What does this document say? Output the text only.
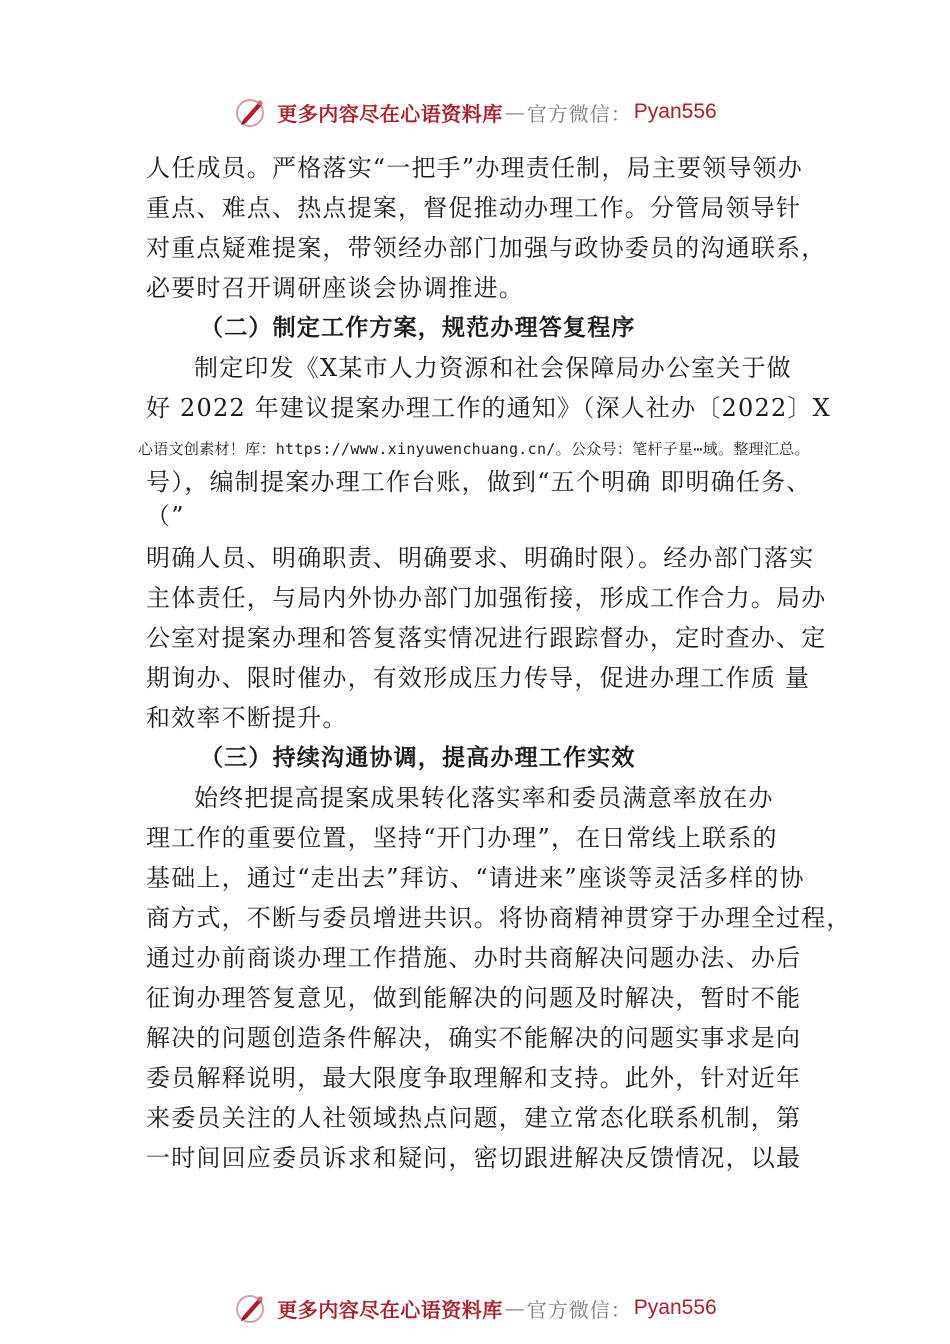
更多内容尽在心语资料库 — 官方微信： Pyan556
人任成员。严格落实“一把手”办理责任制，局主要领导领办
重点、难点、热点提案，督促推动办理工作。分管局领导针
对重点疑难提案，带领经办部门加强与政协委员的沟通联系，
必要时召开调研座谈会协调推进。
（二）制定工作方案，规范办理答复程序
制定印发《X某市人力资源和社会保障局办公室关于做
好 2022 年建议提案办理工作的通知》（深人社办〔2022〕X
号），编制提案办理工作台账，做到“五个明确 即明确任务、
（”
明确人员、明确职责、明确要求、明确时限）。经办部门落实
主体责任，与局内外协办部门加强衔接，形成工作合力。局办
公室对提案办理和答复落实情况进行跟踪督办，定时查办、定
期询办、限时催办，有效形成压力传导，促进办理工作质 量
和效率不断提升。
（三）持续沟通协调，提高办理工作实效
始终把提高提案成果转化落实率和委员满意率放在办
理工作的重要位置，坚持“开门办理”，在日常线上联系的
基础上，通过“走出去”拜访、“请进来”座谈等灵活多样的协
商方式，不断与委员增进共识。将协商精神贯穿于办理全过程，
通过办前商谈办理工作措施、办时共商解决问题办法、办后
征询办理答复意见，做到能解决的问题及时解决，暂时不能
解决的问题创造条件解决，确实不能解决的问题实事求是向
委员解释说明，最大限度争取理解和支持。此外，针对近年
来委员关注的人社领域热点问题，建立常态化联系机制，第
一时间回应委员诉求和疑问，密切跟进解决反馈情况，以最
心语文创素材！库：https://www.xinyuwenchuang.cn/。公众号：笔杆子星⋯域。整理汇总。
更多内容尽在心语资料库 — 官方微信： Pyan556
